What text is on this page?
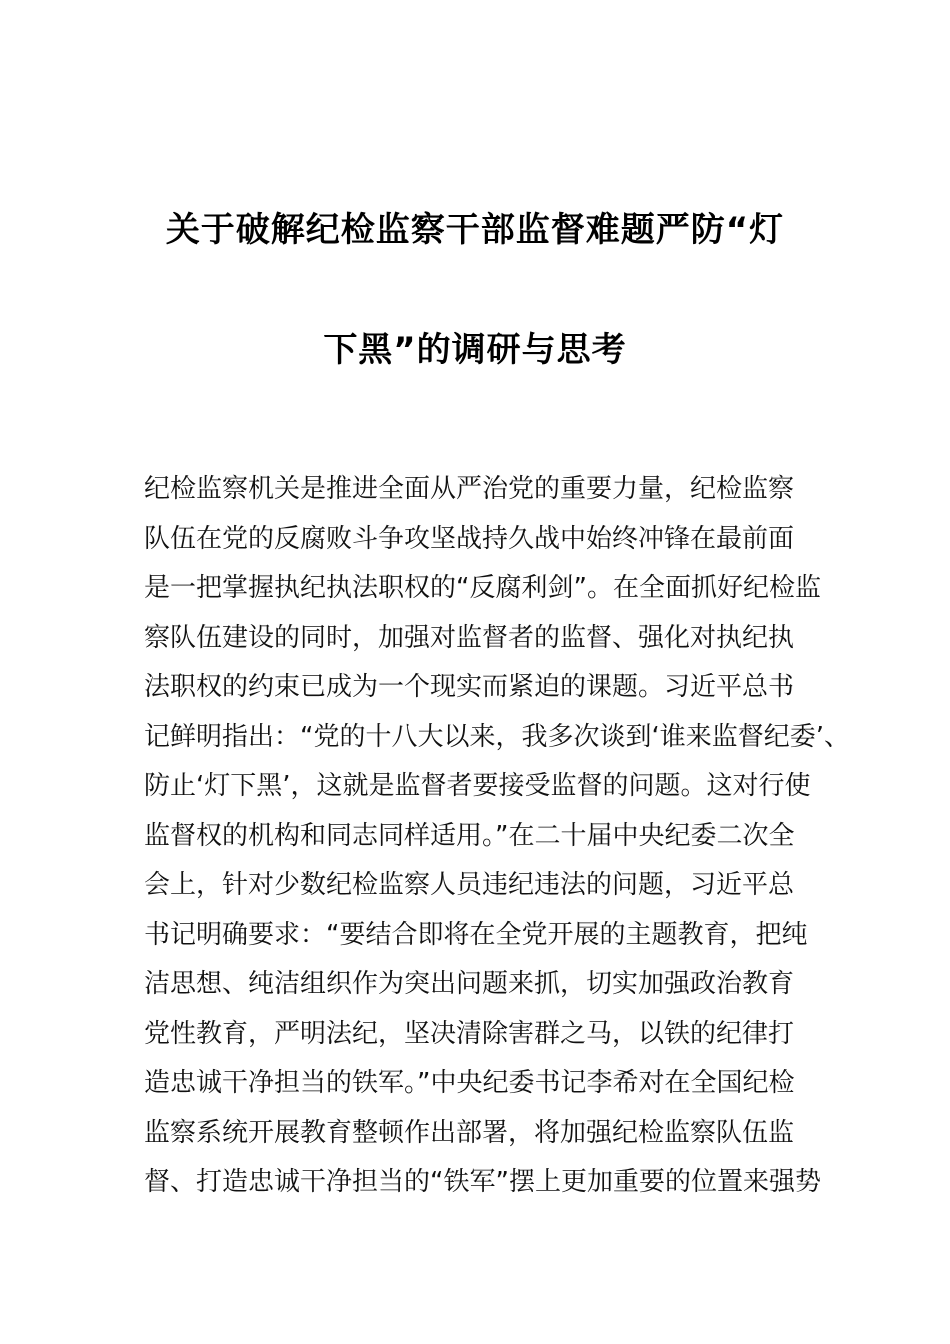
关于破解纪检监察干部监督难题严防“灯
下黑”的调研与思考
纪检监察机关是推进全面从严治党的重要力量，纪检监察
队伍在党的反腐败斗争攻坚战持久战中始终冲锋在最前面
是一把掌握执纪执法职权的“反腐利剑”。在全面抓好纪检监
察队伍建设的同时，加强对监督者的监督、强化对执纪执
法职权的约束已成为一个现实而紧迫的课题。习近平总书
记鲜明指出：“党的十八大以来，我多次谈到‘谁来监督纪委’、
防止‘灯下黑’，这就是监督者要接受监督的问题。这对行使
监督权的机构和同志同样适用。”在二十届中央纪委二次全
会上，针对少数纪检监察人员违纪违法的问题，习近平总
书记明确要求：“要结合即将在全党开展的主题教育，把纯
洁思想、纯洁组织作为突出问题来抓，切实加强政治教育
党性教育，严明法纪，坚决清除害群之马，以铁的纪律打
造忠诚干净担当的铁军。”中央纪委书记李希对在全国纪检
监察系统开展教育整顿作出部署，将加强纪检监察队伍监
督、打造忠诚干净担当的“铁军”摆上更加重要的位置来强势
